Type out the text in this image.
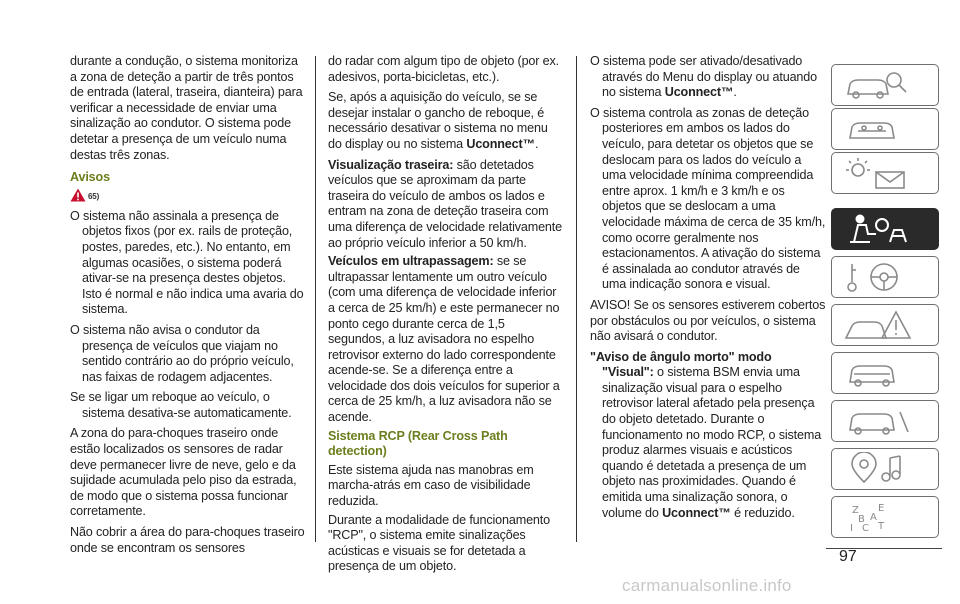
durante a condução, o sistema monitoriza a zona de deteção a partir de três pontos de entrada (lateral, traseira, dianteira) para verificar a necessidade de enviar uma sinalização ao condutor. O sistema pode detetar a presença de um veículo numa destas três zonas.

Avisos
65)

O sistema não assinala a presença de objetos fixos (por ex. rails de proteção, postes, paredes, etc.). No entanto, em algumas ocasiões, o sistema poderá ativar-se na presença destes objetos. Isto é normal e não indica uma avaria do sistema.

O sistema não avisa o condutor da presença de veículos que viajam no sentido contrário ao do próprio veículo, nas faixas de rodagem adjacentes.

Se se ligar um reboque ao veículo, o sistema desativa-se automaticamente.

A zona do para-choques traseiro onde estão localizados os sensores de radar deve permanecer livre de neve, gelo e da sujidade acumulada pelo piso da estrada, de modo que o sistema possa funcionar corretamente.

Não cobrir a área do para-choques traseiro onde se encontram os sensores

do radar com algum tipo de objeto (por ex. adesivos, porta-bicicletas, etc.).

Se, após a aquisição do veículo, se se desejar instalar o gancho de reboque, é necessário desativar o sistema no menu do display ou no sistema Uconnect™.

Visualização traseira: são detetados veículos que se aproximam da parte traseira do veículo de ambos os lados e entram na zona de deteção traseira com uma diferença de velocidade relativamente ao próprio veículo inferior a 50 km/h.

Veículos em ultrapassagem: se se ultrapassar lentamente um outro veículo (com uma diferença de velocidade inferior a cerca de 25 km/h) e este permanecer no ponto cego durante cerca de 1,5 segundos, a luz avisadora no espelho retrovisor externo do lado correspondente acende-se. Se a diferença entre a velocidade dos dois veículos for superior a cerca de 25 km/h, a luz avisadora não se acende.

Sistema RCP (Rear Cross Path detection)

Este sistema ajuda nas manobras em marcha-atrás em caso de visibilidade reduzida.

Durante a modalidade de funcionamento "RCP", o sistema emite sinalizações acústicas e visuais se for detetada a presença de um objeto.

O sistema pode ser ativado/desativado através do Menu do display ou atuando no sistema Uconnect™.

O sistema controla as zonas de deteção posteriores em ambos os lados do veículo, para detetar os objetos que se deslocam para os lados do veículo a uma velocidade mínima compreendida entre aprox. 1 km/h e 3 km/h e os objetos que se deslocam a uma velocidade máxima de cerca de 35 km/h, como ocorre geralmente nos estacionamentos. A ativação do sistema é assinalada ao condutor através de uma indicação sonora e visual.

AVISO! Se os sensores estiverem cobertos por obstáculos ou por veículos, o sistema não avisará o condutor.

"Aviso de ângulo morto" modo "Visual": o sistema BSM envia uma sinalização visual para o espelho retrovisor lateral afetado pela presença do objeto detetado. Durante o funcionamento no modo RCP, o sistema produz alarmes visuais e acústicos quando é detetada a presença de um objeto nas proximidades. Quando é emitida uma sinalização sonora, o volume do Uconnect™ é reduzido.	Z E
B A
I C T
97
carmanualsonline.info
